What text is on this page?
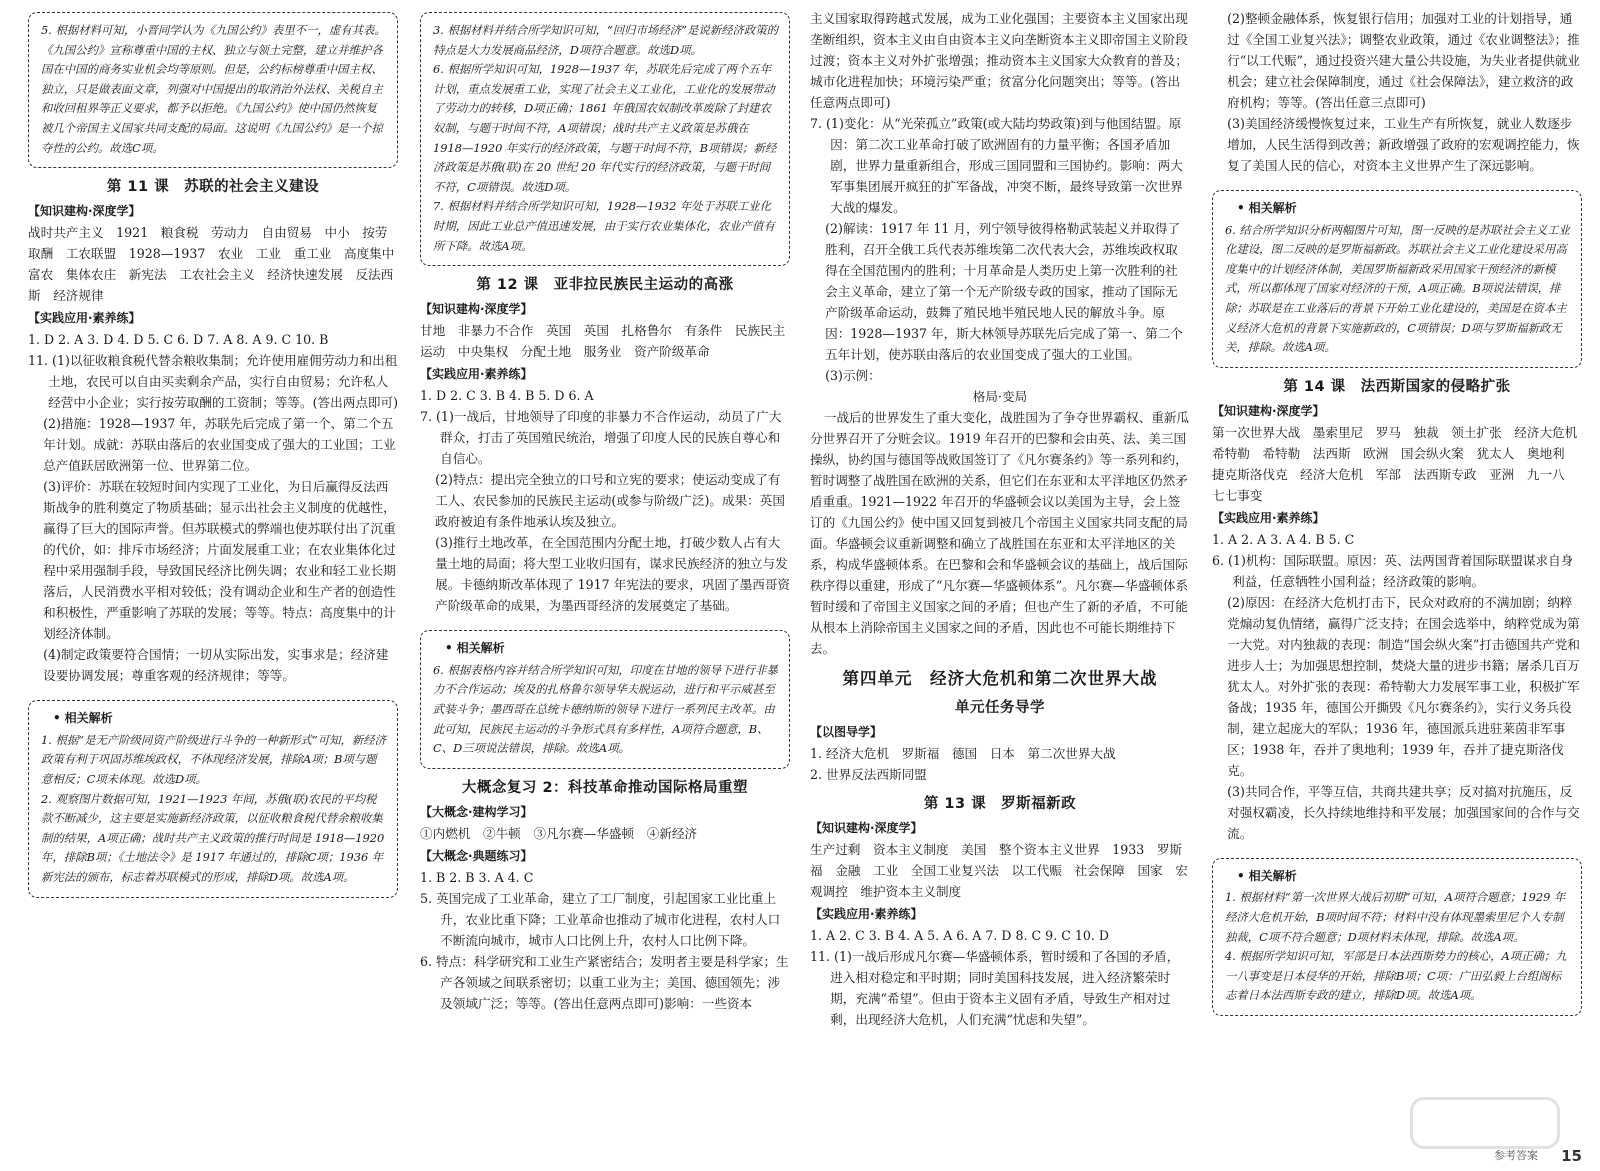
5. 根据材料可知，小晋同学认为《九国公约》表里不一，虚有其表。《九国公约》宣称尊重中国的主权、独立与领土完整，建立并维护各国在中国的商务实业机会均等原则。但是，公约标榜尊重中国主权、独立，只是做表面文章，列强对中国提出的取消治外法权、关税自主和收回租界等正义要求，都予以拒绝。《九国公约》使中国仍然恢复被几个帝国主义国家共同支配的局面。这说明《九国公约》是一个掠夺性的公约。故选C项。

第 11 课　苏联的社会主义建设
【知识建构·深度学】

战时共产主义　1921　粮食税　劳动力　自由贸易　中小　按劳取酬　工农联盟　1928—1937　农业　工业　重工业　高度集中　富农　集体农庄　新宪法　工农社会主义　经济快速发展　反法西斯　经济规律

【实践应用·素养练】

1. D 2. A 3. D 4. D 5. C 6. D 7. A 8. A 9. C 10. B

11. (1)以征收粮食税代替余粮收集制；允许使用雇佣劳动力和出租土地，农民可以自由买卖剩余产品，实行自由贸易；允许私人经营中小企业；实行按劳取酬的工资制；等等。(答出两点即可)

(2)措施：1928—1937 年，苏联先后完成了第一个、第二个五年计划。成就：苏联由落后的农业国变成了强大的工业国；工业总产值跃居欧洲第一位、世界第二位。

(3)评价：苏联在较短时间内实现了工业化，为日后赢得反法西斯战争的胜利奠定了物质基础；显示出社会主义制度的优越性，赢得了巨大的国际声誉。但苏联模式的弊端也使苏联付出了沉重的代价，如：排斥市场经济；片面发展重工业；在农业集体化过程中采用强制手段，导致国民经济比例失调；农业和轻工业长期落后，人民消费水平相对较低；没有调动企业和生产者的创造性和积极性，严重影响了苏联的发展；等等。特点：高度集中的计划经济体制。

(4)制定政策要符合国情；一切从实际出发，实事求是；经济建设要协调发展；尊重客观的经济规律；等等。

• 相关解析

1. 根据“是无产阶级同资产阶级进行斗争的一种新形式”可知，新经济政策有利于巩固苏维埃政权，不体现经济发展，排除A项；B项与题意相反；C项未体现。故选D项。

2. 观察图片数据可知，1921—1923 年间，苏俄(联)农民的平均税款不断减少，这主要是实施新经济政策，以征收粮食税代替余粮收集制的结果，A项正确；战时共产主义政策的推行时间是 1918—1920 年，排除B项；《土地法令》是 1917 年通过的，排除C项；1936 年新宪法的颁布，标志着苏联模式的形成，排除D项。故选A项。

3. 根据材料并结合所学知识可知，“回归市场经济”是说新经济政策的特点是大力发展商品经济，D项符合题意。故选D项。

6. 根据所学知识可知，1928—1937 年，苏联先后完成了两个五年计划，重点发展重工业，实现了社会主义工业化，工业化的发展带动了劳动力的转移，D项正确；1861 年俄国农奴制改革废除了封建农奴制，与题干时间不符，A项错误；战时共产主义政策是苏俄在 1918—1920 年实行的经济政策，与题干时间不符，B项错误；新经济政策是苏俄(联)在 20 世纪 20 年代实行的经济政策，与题干时间不符，C项错误。故选D项。

7. 根据材料并结合所学知识可知，1928—1932 年处于苏联工业化时期，因此工业总产值迅速发展，由于实行农业集体化，农业产值有所下降。故选A项。

第 12 课　亚非拉民族民主运动的高涨
【知识建构·深度学】

甘地　非暴力不合作　英国　英国　扎格鲁尔　有条件　民族民主运动　中央集权　分配土地　服务业　资产阶级革命

【实践应用·素养练】

1. D 2. C 3. B 4. B 5. D 6. A

7. (1)一战后，甘地领导了印度的非暴力不合作运动，动员了广大群众，打击了英国殖民统治，增强了印度人民的民族自尊心和自信心。

(2)特点：提出完全独立的口号和立宪的要求；使运动变成了有工人、农民参加的民族民主运动(或参与阶级广泛)。成果：英国政府被迫有条件地承认埃及独立。

(3)推行土地改革，在全国范围内分配土地，打破少数人占有大量土地的局面；将大型工业收归国有，谋求民族经济的独立与发展。卡德纳斯改革体现了 1917 年宪法的要求，巩固了墨西哥资产阶级革命的成果，为墨西哥经济的发展奠定了基础。

• 相关解析

6. 根据表格内容并结合所学知识可知，印度在甘地的领导下进行非暴力不合作运动；埃及的扎格鲁尔领导华夫脱运动，进行和平示威甚至武装斗争；墨西哥在总统卡德纳斯的领导下进行一系列民主改革。由此可知，民族民主运动的斗争形式具有多样性，A项符合题意，B、C、D三项说法错误，排除。故选A项。

大概念复习 2：科技革命推动国际格局重塑
【大概念·建构学习】

①内燃机　②牛顿　③凡尔赛—华盛顿　④新经济

【大概念·典题练习】

1. B 2. B 3. A 4. C

5. 英国完成了工业革命，建立了工厂制度，引起国家工业比重上升，农业比重下降；工业革命也推动了城市化进程，农村人口不断流向城市，城市人口比例上升，农村人口比例下降。

6. 特点：科学研究和工业生产紧密结合；发明者主要是科学家；生产各领域之间联系密切；以重工业为主；美国、德国领先；涉及领域广泛；等等。(答出任意两点即可)影响：一些资本

主义国家取得跨越式发展，成为工业化强国；主要资本主义国家出现垄断组织，资本主义由自由资本主义向垄断资本主义即帝国主义阶段过渡；资本主义对外扩张增强；推动资本主义国家大众教育的普及；城市化进程加快；环境污染严重；贫富分化问题突出；等等。(答出任意两点即可)

7. (1)变化：从“光荣孤立”政策(或大陆均势政策)到与他国结盟。原因：第二次工业革命打破了欧洲固有的力量平衡；各国矛盾加剧，世界力量重新组合，形成三国同盟和三国协约。影响：两大军事集团展开疯狂的扩军备战，冲突不断，最终导致第一次世界大战的爆发。

(2)解读：1917 年 11 月，列宁领导彼得格勒武装起义并取得了胜利，召开全俄工兵代表苏维埃第二次代表大会，苏维埃政权取得在全国范围内的胜利；十月革命是人类历史上第一次胜利的社会主义革命，建立了第一个无产阶级专政的国家，推动了国际无产阶级革命运动，鼓舞了殖民地半殖民地人民的解放斗争。原因：1928—1937 年，斯大林领导苏联先后完成了第一、第二个五年计划，使苏联由落后的农业国变成了强大的工业国。

(3)示例：

格局·变局

一战后的世界发生了重大变化，战胜国为了争夺世界霸权、重新瓜分世界召开了分赃会议。1919 年召开的巴黎和会由英、法、美三国操纵，协约国与德国等战败国签订了《凡尔赛条约》等一系列和约，暂时调整了战胜国在欧洲的关系，但它们在东亚和太平洋地区仍然矛盾重重。1921—1922 年召开的华盛顿会议以美国为主导，会上签订的《九国公约》使中国又回复到被几个帝国主义国家共同支配的局面。华盛顿会议重新调整和确立了战胜国在东亚和太平洋地区的关系，构成华盛顿体系。在巴黎和会和华盛顿会议的基础上，战后国际秩序得以重建，形成了“凡尔赛—华盛顿体系”。凡尔赛—华盛顿体系暂时缓和了帝国主义国家之间的矛盾；但也产生了新的矛盾，不可能从根本上消除帝国主义国家之间的矛盾，因此也不可能长期维持下去。

第四单元　经济大危机和第二次世界大战
单元任务导学
【以图导学】

1. 经济大危机　罗斯福　德国　日本　第二次世界大战

2. 世界反法西斯同盟

第 13 课　罗斯福新政
【知识建构·深度学】

生产过剩　资本主义制度　美国　整个资本主义世界　1933　罗斯福　金融　工业　全国工业复兴法　以工代赈　社会保障　国家　宏观调控　维护资本主义制度

【实践应用·素养练】

1. A 2. C 3. B 4. A 5. A 6. A 7. D 8. C 9. C 10. D

11. (1)一战后形成凡尔赛—华盛顿体系，暂时缓和了各国的矛盾，进入相对稳定和平时期；同时美国科技发展，进入经济繁荣时期，充满“希望”。但由于资本主义固有矛盾，导致生产相对过剩，出现经济大危机，人们充满“忧虑和失望”。

(2)整顿金融体系，恢复银行信用；加强对工业的计划指导，通过《全国工业复兴法》；调整农业政策，通过《农业调整法》；推行“以工代赈”，通过投资兴建大量公共设施，为失业者提供就业机会；建立社会保障制度，通过《社会保障法》，建立救济的政府机构；等等。(答出任意三点即可)

(3)美国经济缓慢恢复过来，工业生产有所恢复，就业人数逐步增加，人民生活得到改善；新政增强了政府的宏观调控能力，恢复了美国人民的信心，对资本主义世界产生了深远影响。

• 相关解析

6. 结合所学知识分析两幅图片可知，图一反映的是苏联社会主义工业化建设，图二反映的是罗斯福新政。苏联社会主义工业化建设采用高度集中的计划经济体制，美国罗斯福新政采用国家干预经济的新模式，所以都体现了国家对经济的干预，A项正确。B项说法错误，排除；苏联是在工业落后的背景下开始工业化建设的，美国是在资本主义经济大危机的背景下实施新政的，C项错误；D项与罗斯福新政无关，排除。故选A项。

第 14 课　法西斯国家的侵略扩张
【知识建构·深度学】

第一次世界大战　墨索里尼　罗马　独裁　领土扩张　经济大危机　希特勒　希特勒　法西斯　欧洲　国会纵火案　犹太人　奥地利　捷克斯洛伐克　经济大危机　军部　法西斯专政　亚洲　九一八　七七事变

【实践应用·素养练】

1. A 2. A 3. A 4. B 5. C

6. (1)机构：国际联盟。原因：英、法两国背着国际联盟谋求自身利益，任意牺牲小国利益；经济政策的影响。

(2)原因：在经济大危机打击下，民众对政府的不满加剧；纳粹党煽动复仇情绪，赢得广泛支持；在国会选举中，纳粹党成为第一大党。对内独裁的表现：制造“国会纵火案”打击德国共产党和进步人士；为加强思想控制，焚烧大量的进步书籍；屠杀几百万犹太人。对外扩张的表现：希特勒大力发展军事工业，积极扩军备战；1935 年，德国公开撕毁《凡尔赛条约》，实行义务兵役制，建立起庞大的军队；1936 年，德国派兵进驻莱茵非军事区；1938 年，吞并了奥地利；1939 年，吞并了捷克斯洛伐克。

(3)共同合作，平等互信，共商共建共享；反对搞对抗施压，反对强权霸凌，长久持续地维持和平发展；加强国家间的合作与交流。

• 相关解析

1. 根据材料“第一次世界大战后初期”可知，A项符合题意；1929 年经济大危机开始，B项时间不符；材料中没有体现墨索里尼个人专制独裁，C项不符合题意；D项材料未体现，排除。故选A项。

4. 根据所学知识可知，军部是日本法西斯势力的核心，A项正确；九一八事变是日本侵华的开始，排除B项；C项：广田弘毅上台组阁标志着日本法西斯专政的建立，排除D项。故选A项。

参考答案 15
